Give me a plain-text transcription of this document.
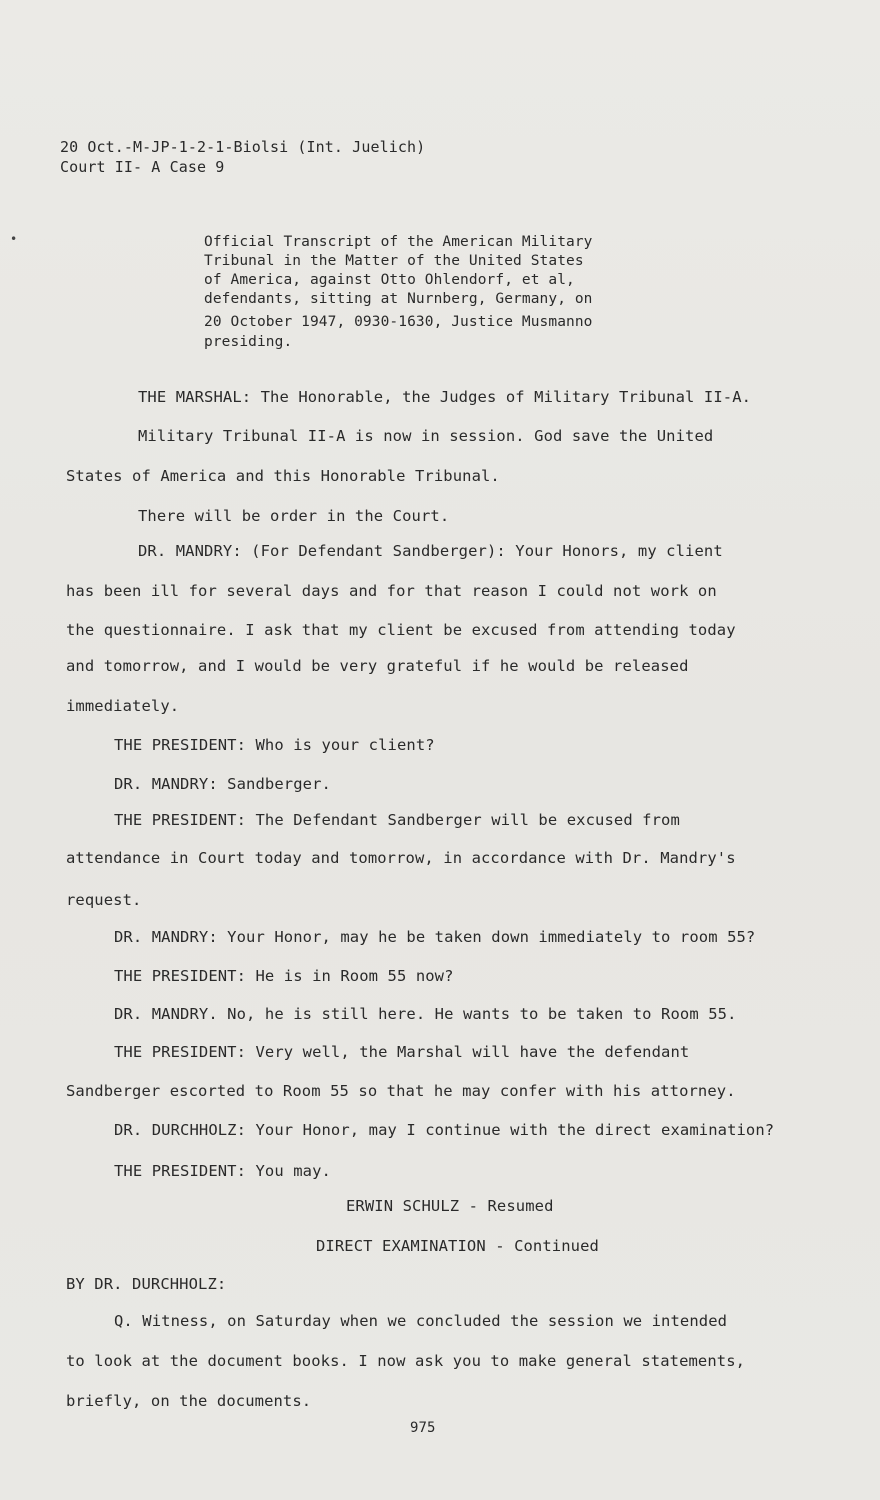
20 Oct.-M-JP-1-2-1-Biolsi (Int. Juelich)
Court II- A Case 9
•	Official Transcript of the American Military
Tribunal in the Matter of the United States
of America, against Otto Ohlendorf, et al,
defendants, sitting at Nurnberg, Germany, on
20 October 1947, 0930-1630, Justice Musmanno
presiding.
THE MARSHAL: The Honorable, the Judges of Military Tribunal II-A.
Military Tribunal II-A is now in session. God save the United
States of America and this Honorable Tribunal.
There will be order in the Court.
DR. MANDRY: (For Defendant Sandberger): Your Honors, my client
has been ill for several days and for that reason I could not work on
the questionnaire. I ask that my client be excused from attending today
and tomorrow, and I would be very grateful if he would be released
immediately.
THE PRESIDENT: Who is your client?
DR. MANDRY: Sandberger.
THE PRESIDENT: The Defendant Sandberger will be excused from
attendance in Court today and tomorrow, in accordance with Dr. Mandry's
request.
DR. MANDRY: Your Honor, may he be taken down immediately to room 55?
THE PRESIDENT: He is in Room 55 now?
DR. MANDRY. No, he is still here. He wants to be taken to Room 55.
THE PRESIDENT: Very well, the Marshal will have the defendant
Sandberger escorted to Room 55 so that he may confer with his attorney.
DR. DURCHHOLZ: Your Honor, may I continue with the direct examination?
THE PRESIDENT: You may.
ERWIN SCHULZ - Resumed
DIRECT EXAMINATION - Continued
BY DR. DURCHHOLZ:
Q. Witness, on Saturday when we concluded the session we intended
to look at the document books. I now ask you to make general statements,
briefly, on the documents.
975
